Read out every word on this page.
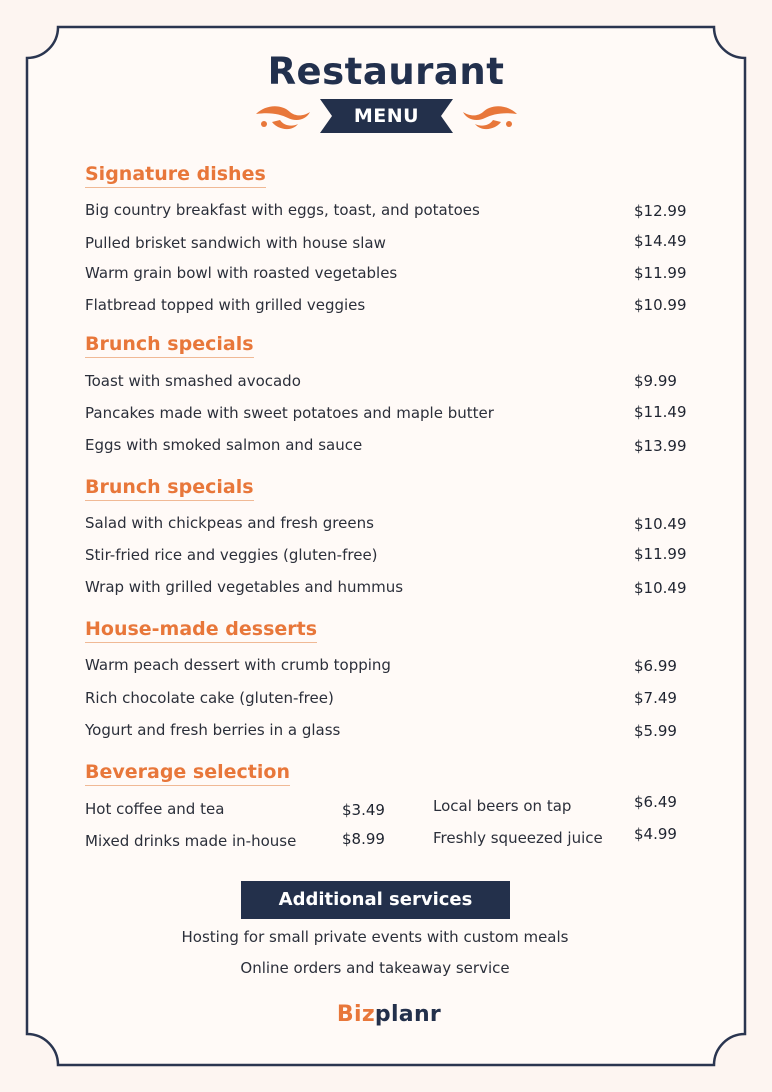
Restaurant
MENU
Signature dishes
Big country breakfast with eggs, toast, and potatoes	$12.99
Pulled brisket sandwich with house slaw	$14.49
Warm grain bowl with roasted vegetables	$11.99
Flatbread topped with grilled veggies	$10.99
Brunch specials
Toast with smashed avocado	$9.99
Pancakes made with sweet potatoes and maple butter	$11.49
Eggs with smoked salmon and sauce	$13.99
Brunch specials
Salad with chickpeas and fresh greens	$10.49
Stir-fried rice and veggies (gluten-free)	$11.99
Wrap with grilled vegetables and hummus	$10.49
House-made desserts
Warm peach dessert with crumb topping	$6.99
Rich chocolate cake (gluten-free)	$7.49
Yogurt and fresh berries in a glass	$5.99
Beverage selection
Hot coffee and tea	$3.49
Mixed drinks made in-house	$8.99
Local beers on tap	$6.49
Freshly squeezed juice $4.99
Additional services
Hosting for small private events with custom meals
Online orders and takeaway service
Bizplanr
